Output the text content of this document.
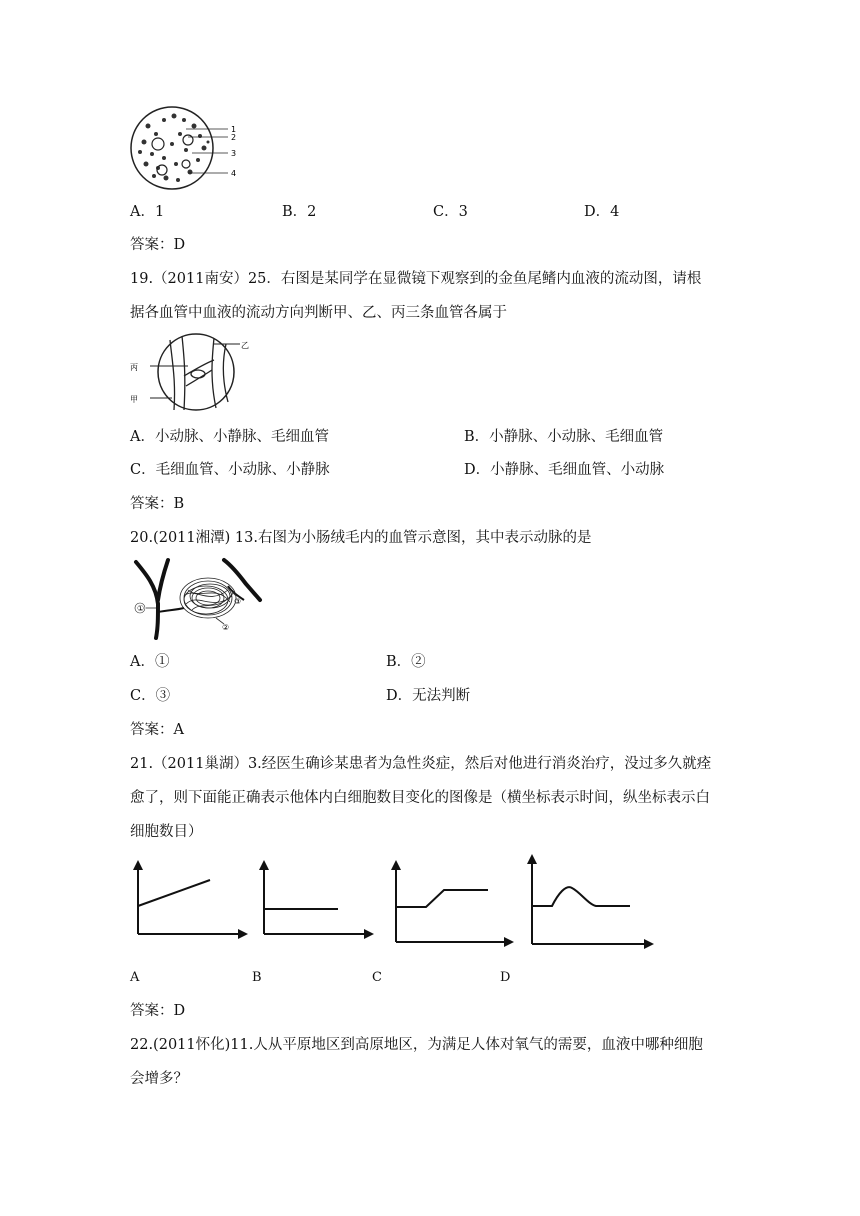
1
2
3
4
A．1	B．2	C．3	D．4
答案：D
19.（2011南安）25．右图是某同学在显微镜下观察到的金鱼尾鳍内血液的流动图，请根
据各血管中血液的流动方向判断甲、乙、丙三条血管各属于
乙
丙
甲
A．小动脉、小静脉、毛细血管	B．小静脉、小动脉、毛细血管
C．毛细血管、小动脉、小静脉	D．小静脉、毛细血管、小动脉
答案：B
20.(2011湘潭) 13.右图为小肠绒毛内的血管示意图，其中表示动脉的是
①
②
③
A．①	B．②
C．③	D．无法判断
答案：A
21.（2011巢湖）3.经医生确诊某患者为急性炎症，然后对他进行消炎治疗，没过多久就痊
愈了，则下面能正确表示他体内白细胞数目变化的图像是（横坐标表示时间，纵坐标表示白
细胞数目）
A	B	C	D
答案：D
22.(2011怀化)11.人从平原地区到高原地区，为满足人体对氧气的需要，血液中哪种细胞
会增多？
